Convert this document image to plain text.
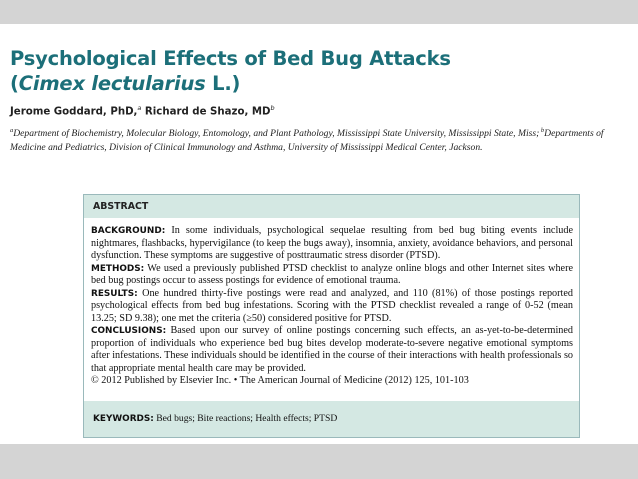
Psychological Effects of Bed Bug Attacks
(Cimex lectularius L.)
Jerome Goddard, PhD,$^a$ Richard de Shazo, $MD^b$
$^a$Department of Biochemistry, Molecular Biology, Entomology, and Plant Pathology, Mississippi State University, Mississippi State, Miss; $^b$Departments of Medicine and Pediatrics, Division of Clinical Immunology and Asthma, University of Mississippi Medical Center, Jackson.
ABSTRACT

BACKGROUND: In some individuals, psychological sequelae resulting from bed bug biting events include nightmares, flashbacks, hypervigilance (to keep the bugs away), insomnia, anxiety, avoidance behaviors, and personal dysfunction. These symptoms are suggestive of posttraumatic stress disorder (PTSD).

METHODS: We used a previously published PTSD checklist to analyze online blogs and other Internet sites where bed bug postings occur to assess postings for evidence of emotional trauma.

RESULTS: One hundred thirty-five postings were read and analyzed, and 110 (81%) of those postings reported psychological effects from bed bug infestations. Scoring with the PTSD checklist revealed a range of 0-52 (mean 13.25; SD 9.38); one met the criteria (≥50) considered positive for PTSD.

CONCLUSIONS: Based upon our survey of online postings concerning such effects, an as-yet-to-be-determined proportion of individuals who experience bed bug bites develop moderate-to-severe negative emotional symptoms after infestations. These individuals should be identified in the course of their interactions with health professionals so that appropriate mental health care may be provided.

© 2012 Published by Elsevier Inc. • The American Journal of Medicine (2012) 125, 101-103

KEYWORDS: Bed bugs; Bite reactions; Health effects; PTSD
